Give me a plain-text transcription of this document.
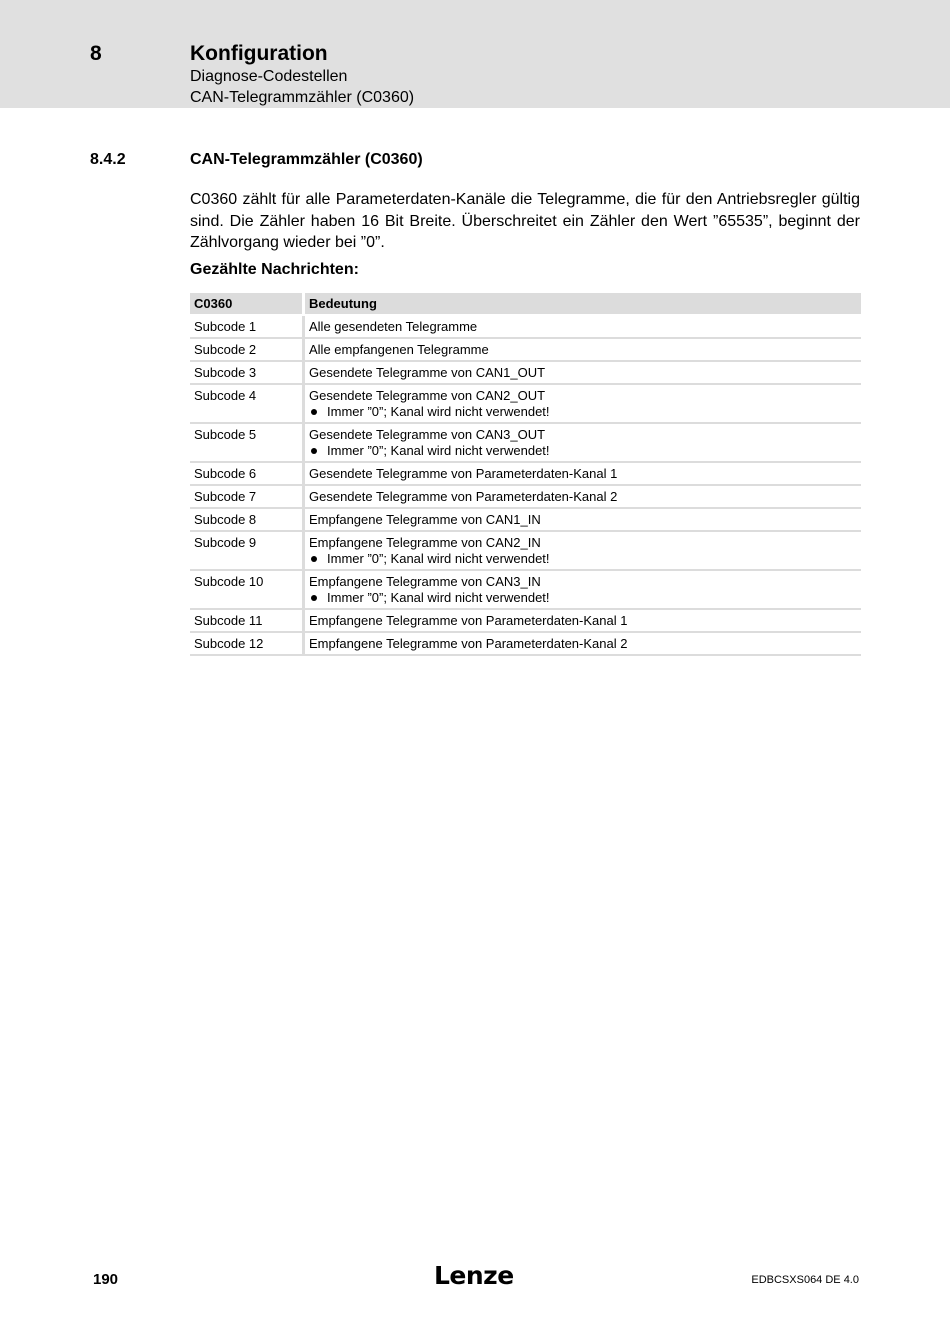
8	Konfiguration
Diagnose-Codestellen
CAN-Telegrammzähler (C0360)
8.4.2	CAN-Telegrammzähler (C0360)

C0360 zählt für alle Parameterdaten-Kanäle die Telegramme, die für den Antriebsregler gültig sind. Die Zähler haben 16 Bit Breite. Überschreitet ein Zähler den Wert ”65535”, beginnt der Zählvorgang wieder bei ”0”.

Gezählte Nachrichten:
C0360	Bedeutung
Subcode 1	Alle gesendeten Telegramme
Subcode 2	Alle empfangenen Telegramme
Subcode 3	Gesendete Telegramme von CAN1_OUT
Subcode 4	Gesendete Telegramme von CAN2_OUT
Immer ”0”; Kanal wird nicht verwendet!

Subcode 5	Gesendete Telegramme von CAN3_OUT
Immer ”0”; Kanal wird nicht verwendet!

Subcode 6	Gesendete Telegramme von Parameterdaten-Kanal 1
Subcode 7	Gesendete Telegramme von Parameterdaten-Kanal 2
Subcode 8	Empfangene Telegramme von CAN1_IN
Subcode 9	Empfangene Telegramme von CAN2_IN
Immer ”0”; Kanal wird nicht verwendet!

Subcode 10	Empfangene Telegramme von CAN3_IN
Immer ”0”; Kanal wird nicht verwendet!

Subcode 11	Empfangene Telegramme von Parameterdaten-Kanal 1
Subcode 12	Empfangene Telegramme von Parameterdaten-Kanal 2
190	Lenze	EDBCSXS064 DE 4.0
